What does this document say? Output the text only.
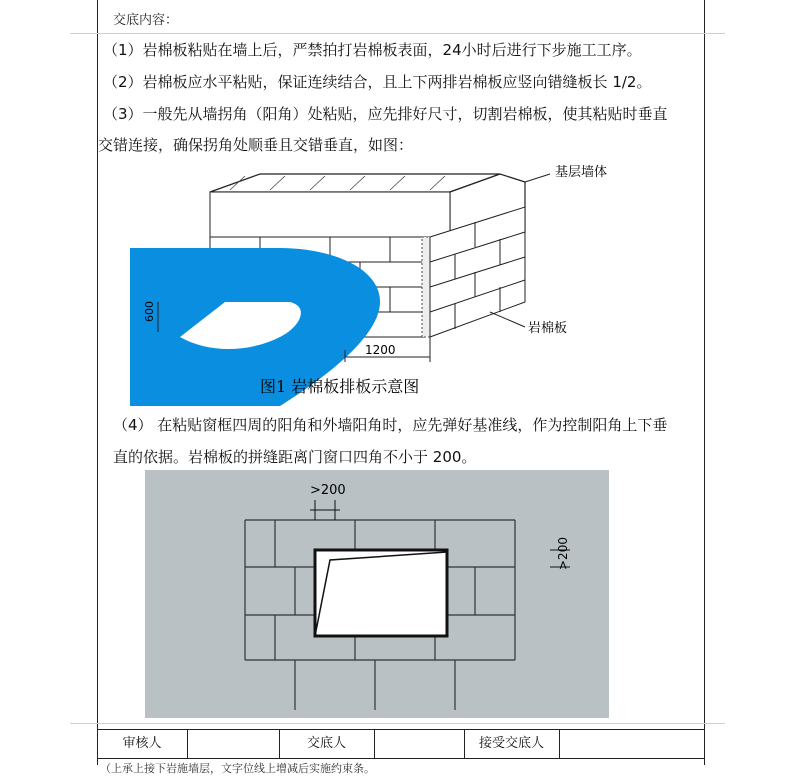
交底内容：
（1）岩棉板粘贴在墙上后，严禁拍打岩棉板表面，24小时后进行下步施工工序。
（2）岩棉板应水平粘贴，保证连续结合，且上下两排岩棉板应竖向错缝板长 1/2。
（3）一般先从墙拐角（阳角）处粘贴，应先排好尺寸，切割岩棉板，使其粘贴时垂直
交错连接，确保拐角处顺垂且交错垂直，如图：
基层墙体
岩棉板
600
1200
图1 岩棉板排板示意图
（4） 在粘贴窗框四周的阳角和外墙阳角时，应先弹好基准线，作为控制阳角上下垂
直的依据。岩棉板的拼缝距离门窗口四角不小于 200。
>200
>200
审核人	交底人	接受交底人
（上承上接下岩施墙层，文字位线上增减后实施约束条。
